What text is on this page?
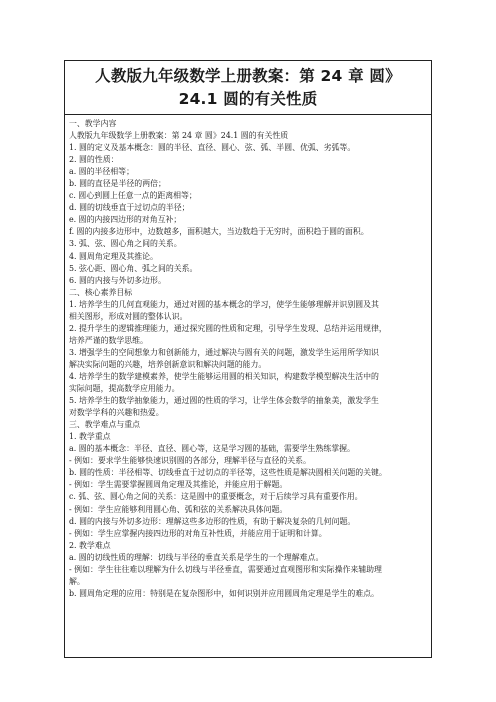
人教版九年级数学上册教案：第 24 章 圆》
24.1 圆的有关性质
一、教学内容
人教版九年级数学上册教案：第 24 章 圆》24.1 圆的有关性质
1. 圆的定义及基本概念：圆的半径、直径、圆心、弦、弧、半圆、优弧、劣弧等。
2. 圆的性质：
a. 圆的半径相等；
b. 圆的直径是半径的两倍；
c. 圆心到圆上任意一点的距离相等；
d. 圆的切线垂直于过切点的半径；
e. 圆的内接四边形的对角互补；
f. 圆的内接多边形中，边数越多，面积越大，当边数趋于无穷时，面积趋于圆的面积。
3. 弧、弦、圆心角之间的关系。
4. 圆周角定理及其推论。
5. 弦心距、圆心角、弧之间的关系。
6. 圆的内接与外切多边形。
二、核心素养目标
1. 培养学生的几何直观能力，通过对圆的基本概念的学习，使学生能够理解并识别圆及其
相关图形，形成对圆的整体认识。
2. 提升学生的逻辑推理能力，通过探究圆的性质和定理，引导学生发现、总结并运用规律，
培养严谨的数学思维。
3. 增强学生的空间想象力和创新能力，通过解决与圆有关的问题，激发学生运用所学知识
解决实际问题的兴趣，培养创新意识和解决问题的能力。
4. 培养学生的数学建模素养，使学生能够运用圆的相关知识，构建数学模型解决生活中的
实际问题，提高数学应用能力。
5. 培养学生的数学抽象能力，通过圆的性质的学习，让学生体会数学的抽象美，激发学生
对数学学科的兴趣和热爱。
三、教学难点与重点
1. 教学重点
a. 圆的基本概念：半径、直径、圆心等，这是学习圆的基础，需要学生熟练掌握。
- 例如：要求学生能够快速识别圆的各部分，理解半径与直径的关系。
b. 圆的性质：半径相等、切线垂直于过切点的半径等，这些性质是解决圆相关问题的关键。
- 例如：学生需要掌握圆周角定理及其推论，并能应用于解题。
c. 弧、弦、圆心角之间的关系：这是圆中的重要概念，对于后续学习具有重要作用。
- 例如：学生应能够利用圆心角、弧和弦的关系解决具体问题。
d. 圆的内接与外切多边形：理解这些多边形的性质，有助于解决复杂的几何问题。
- 例如：学生应掌握内接四边形的对角互补性质，并能应用于证明和计算。
2. 教学难点
a. 圆的切线性质的理解：切线与半径的垂直关系是学生的一个理解难点。
- 例如：学生往往难以理解为什么切线与半径垂直，需要通过直观图形和实际操作来辅助理
解。
b. 圆周角定理的应用：特别是在复杂图形中，如何识别并应用圆周角定理是学生的难点。
